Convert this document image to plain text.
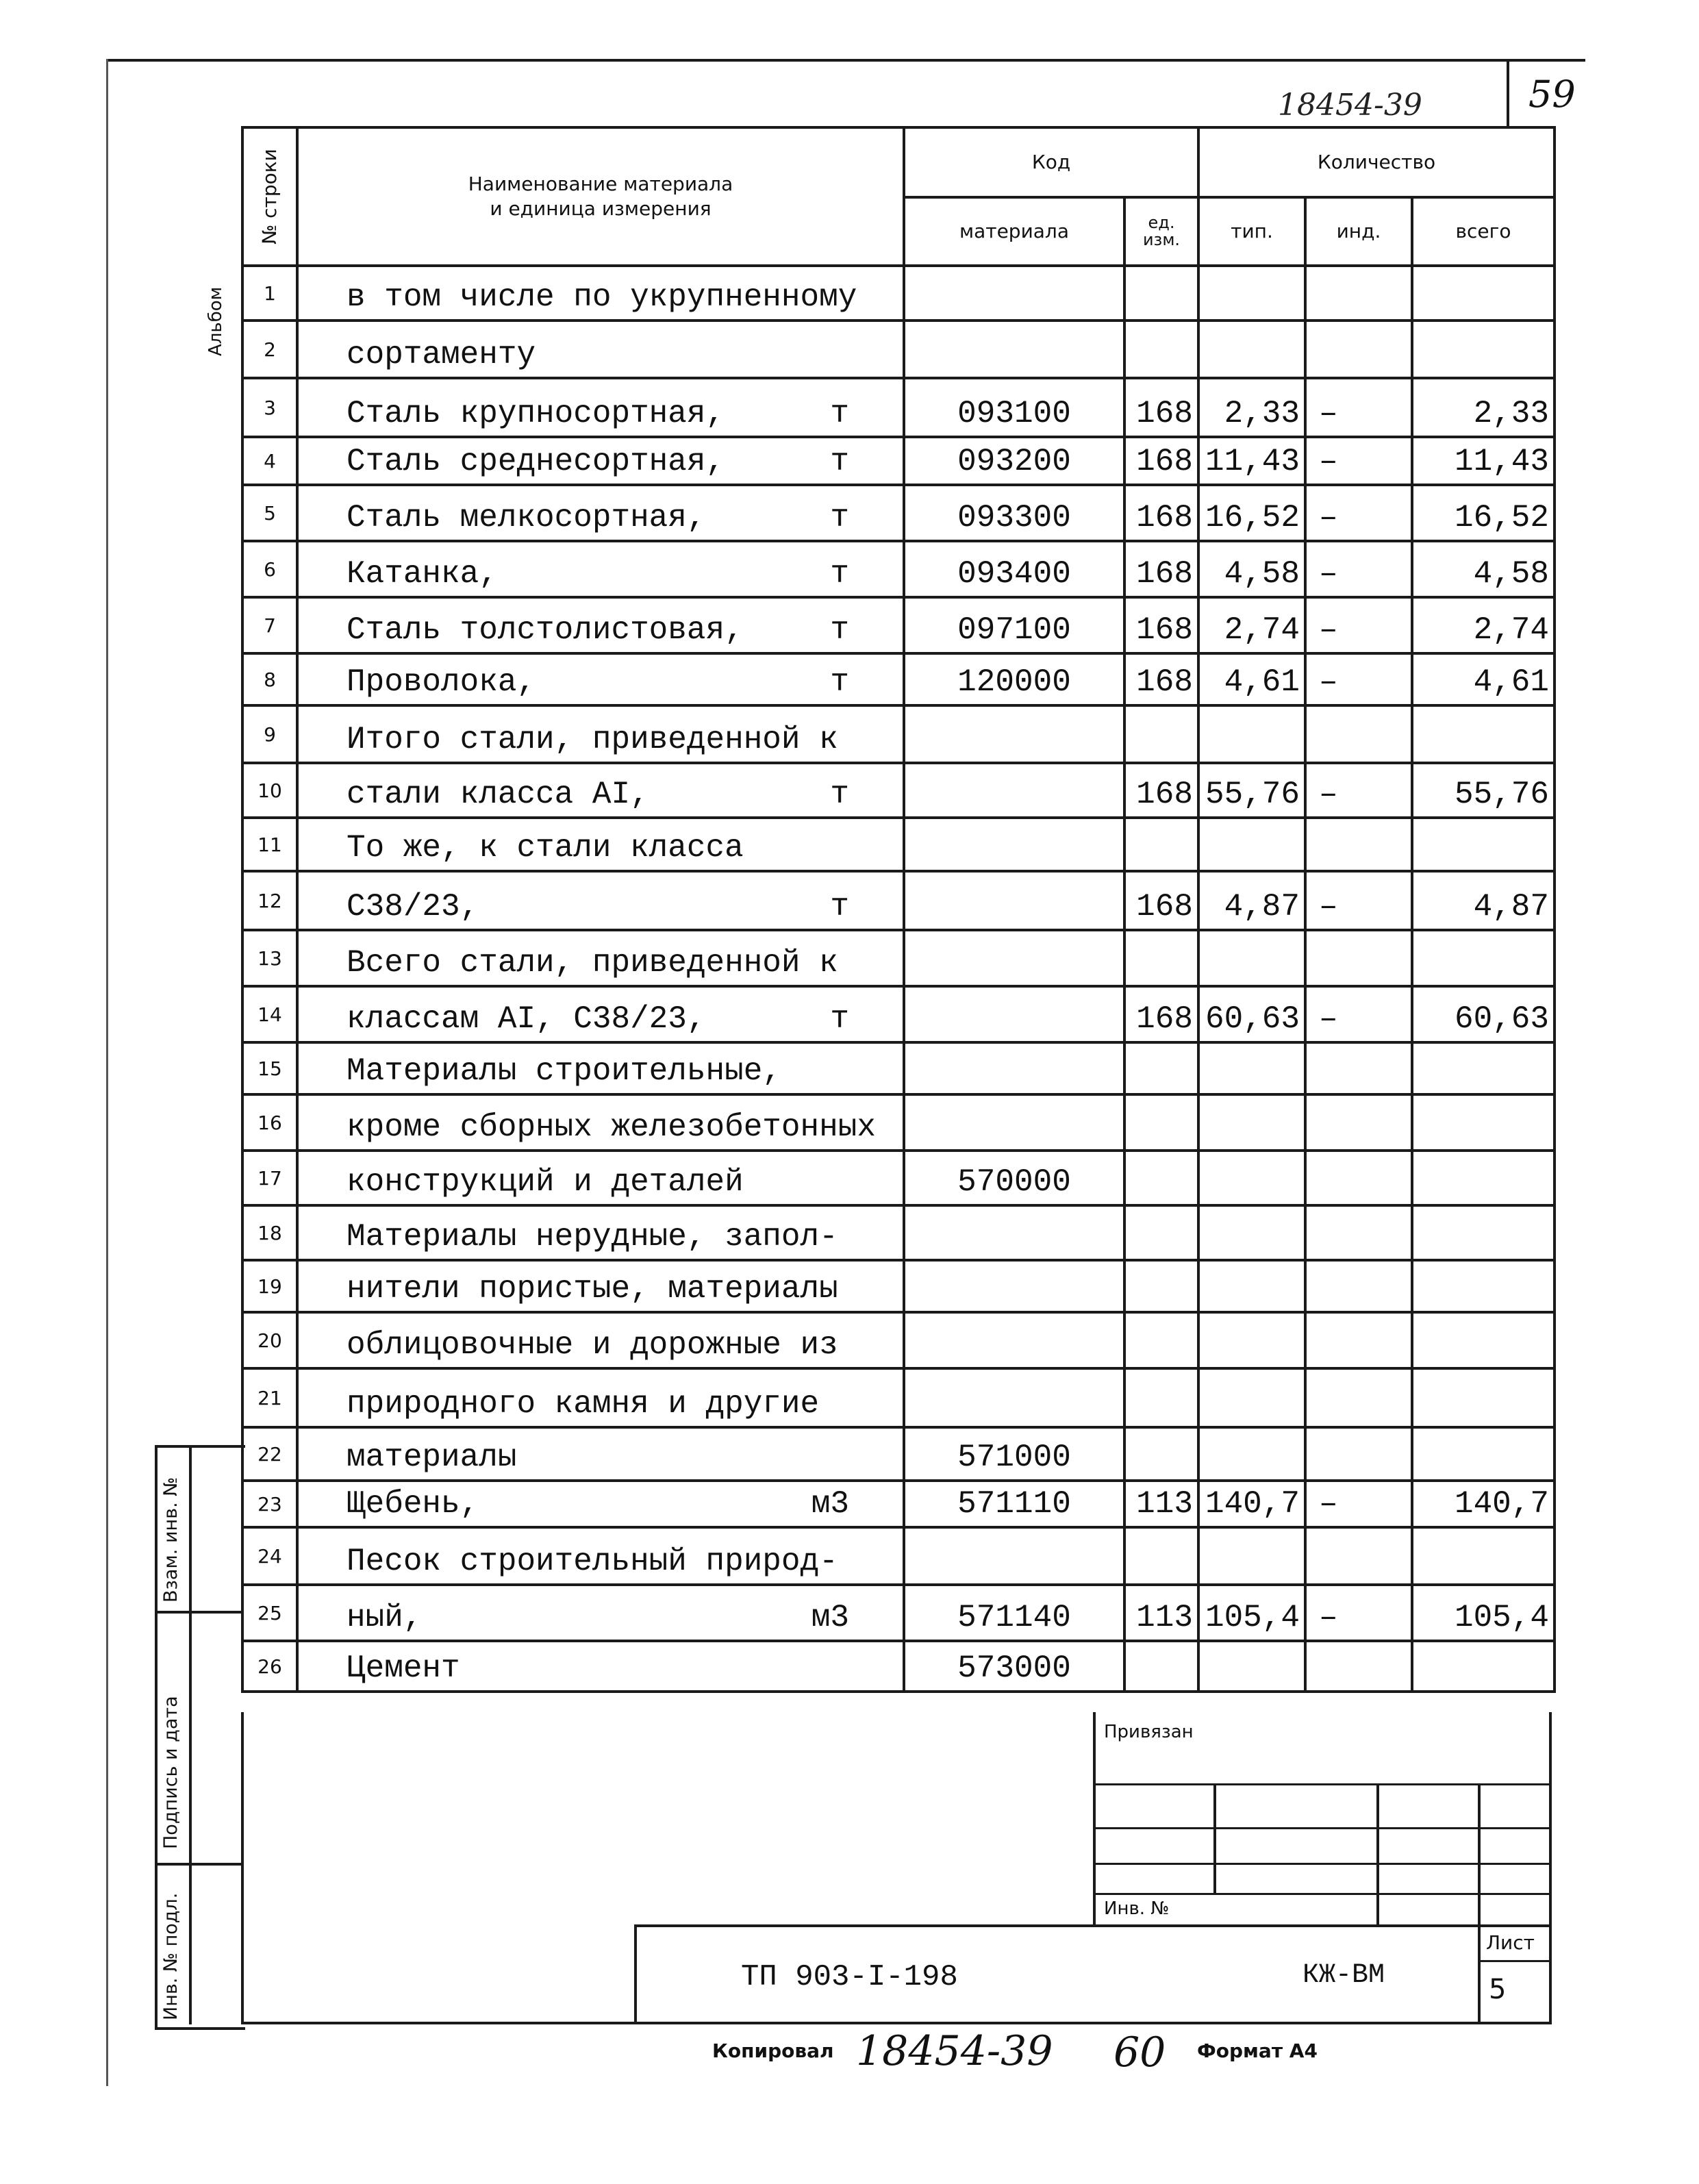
59
18454-39
Альбом
№ строки	Наименование материала
и единица измерения	Код		Количество		
		материала	ед.
изм.	тип.	инд.	всего
1	в том числе по укрупненному

2	сортаменту

3	Сталь крупносортная, т	093100	168	2,33	–	2,33
4	Сталь среднесортная, т	093200	168	11,43	–	11,43
5	Сталь мелкосортная, т	093300	168	16,52	–	16,52
6	Катанка, т	093400	168	4,58	–	4,58
7	Сталь толстолистовая, т	097100	168	2,74	–	2,74
8	Проволока, т	120000	168	4,61	–	4,61
9	Итого стали, приведенной к

10	стали класса AI, т		168	55,76	–	55,76
11	То же, к стали класса

12	С38/23, т		168	4,87	–	4,87
13	Всего стали, приведенной к

14	классам AI, С38/23, т		168	60,63	–	60,63
15	Материалы строительные,

16	кроме сборных железобетонных

17	конструкций и деталей	570000				
18	Материалы нерудные, запол-

19	нители пористые, материалы

20	облицовочные и дорожные из

21	природного камня и другие

22	материалы	571000				
23	Щебень, м3	571110	113	140,7	–	140,7
24	Песок строительный природ-

25	ный, м3	571140	113	105,4	–	105,4
26	Цемент	573000				
Взам. инв. №
Подпись и дата
Инв. № подл.
Привязан
Инв. №
ТП 903-I-198	КЖ-ВМ
Лист
5
Копировал 18454-39 60 Формат А4
